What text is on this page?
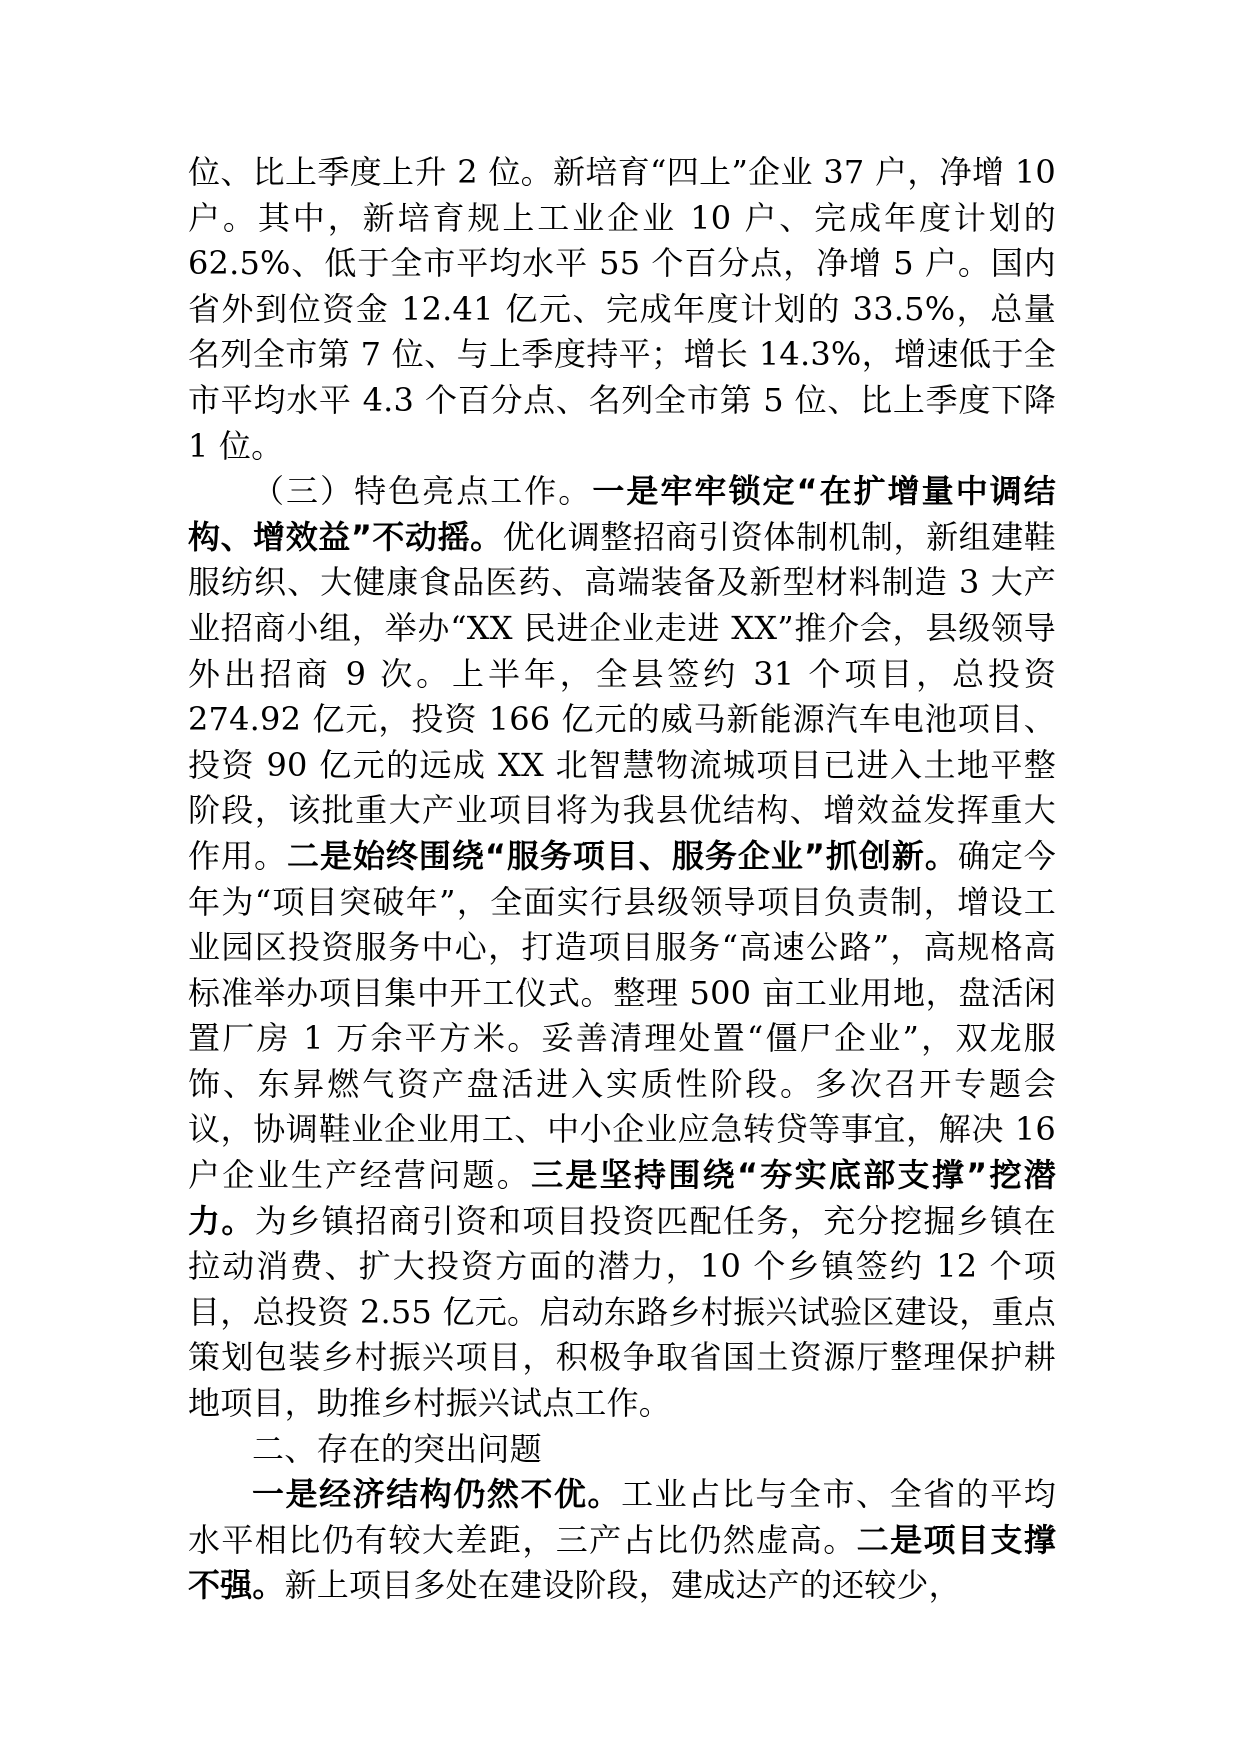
位、比上季度上升 2 位。新培育“四上”企业 37 户，净增 10 户。其中，新培育规上工业企业 10 户、完成年度计划的 62.5%、低于全市平均水平 55 个百分点，净增 5 户。国内省外到位资金 12.41 亿元、完成年度计划的 33.5%，总量名列全市第 7 位、与上季度持平；增长 14.3%，增速低于全市平均水平 4.3 个百分点、名列全市第 5 位、比上季度下降 1 位。

（三）特色亮点工作。一是牢牢锁定“在扩增量中调结构、增效益”不动摇。优化调整招商引资体制机制，新组建鞋服纺织、大健康食品医药、高端装备及新型材料制造 3 大产业招商小组，举办“XX 民进企业走进 XX”推介会，县级领导外出招商 9 次。上半年，全县签约 31 个项目，总投资 274.92 亿元，投资 166 亿元的威马新能源汽车电池项目、投资 90 亿元的远成 XX 北智慧物流城项目已进入土地平整阶段，该批重大产业项目将为我县优结构、增效益发挥重大作用。二是始终围绕“服务项目、服务企业”抓创新。确定今年为“项目突破年”，全面实行县级领导项目负责制，增设工业园区投资服务中心，打造项目服务“高速公路”，高规格高标准举办项目集中开工仪式。整理 500 亩工业用地，盘活闲置厂房 1 万余平方米。妥善清理处置“僵尸企业”，双龙服饰、东昇燃气资产盘活进入实质性阶段。多次召开专题会议，协调鞋业企业用工、中小企业应急转贷等事宜，解决 16 户企业生产经营问题。三是坚持围绕“夯实底部支撑”挖潜力。为乡镇招商引资和项目投资匹配任务，充分挖掘乡镇在拉动消费、扩大投资方面的潜力，10 个乡镇签约 12 个项目，总投资 2.55 亿元。启动东路乡村振兴试验区建设，重点策划包装乡村振兴项目，积极争取省国土资源厅整理保护耕地项目，助推乡村振兴试点工作。

二、存在的突出问题

一是经济结构仍然不优。工业占比与全市、全省的平均水平相比仍有较大差距，三产占比仍然虚高。二是项目支撑不强。新上项目多处在建设阶段，建成达产的还较少，
